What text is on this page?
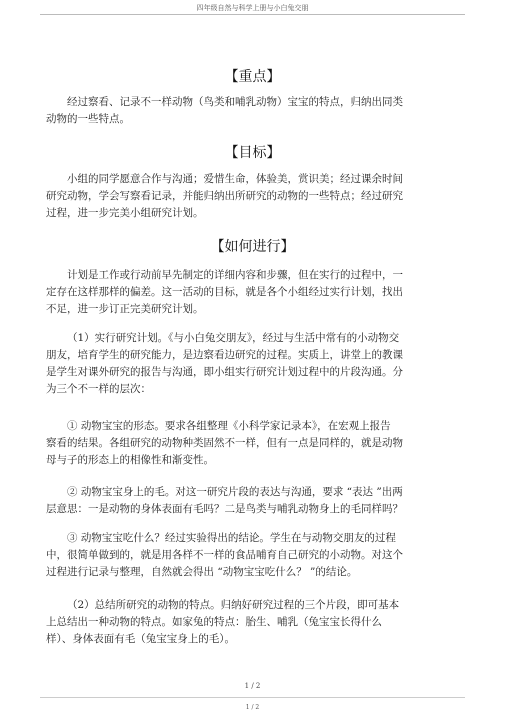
四年级自然与科学上册与小白兔交朋
【重点】
经过察看、记录不一样动物（鸟类和哺乳动物）宝宝的特点，归纳出同类
动物的一些特点。
【目标】
小组的同学愿意合作与沟通；爱惜生命，体验美，赏识美；经过课余时间
研究动物，学会写察看记录，并能归纳出所研究的动物的一些特点；经过研究
过程，进一步完美小组研究计划。
【如何进行】
计划是工作或行动前早先制定的详细内容和步骤，但在实行的过程中，一
定存在这样那样的偏差。这一活动的目标，就是各个小组经过实行计划，找出
不足，进一步订正完美研究计划。
（1）实行研究计划。《与小白兔交朋友》，经过与生活中常有的小动物交
朋友，培育学生的研究能力，是边察看边研究的过程。实质上，讲堂上的教课
是学生对课外研究的报告与沟通，即小组实行研究计划过程中的片段沟通。分
为三个不一样的层次：
① 动物宝宝的形态。要求各组整理《小科学家记录本》，在宏观上报告
察看的结果。各组研究的动物种类固然不一样，但有一点是同样的，就是动物
母与子的形态上的相像性和渐变性。
② 动物宝宝身上的毛。对这一研究片段的表达与沟通，要求 “表达 ”出两
层意思：一是动物的身体表面有毛吗？二是鸟类与哺乳动物身上的毛同样吗？
③ 动物宝宝吃什么？经过实验得出的结论。学生在与动物交朋友的过程
中，很简单做到的，就是用各样不一样的食品哺育自己研究的小动物。对这个
过程进行记录与整理，自然就会得出 “动物宝宝吃什么？ ”的结论。
（2）总结所研究的动物的特点。归纳好研究过程的三个片段，即可基本
上总结出一种动物的特点。如家兔的特点：胎生、哺乳（兔宝宝长得什么
样）、身体表面有毛（兔宝宝身上的毛）。
1 / 2
1 / 2
